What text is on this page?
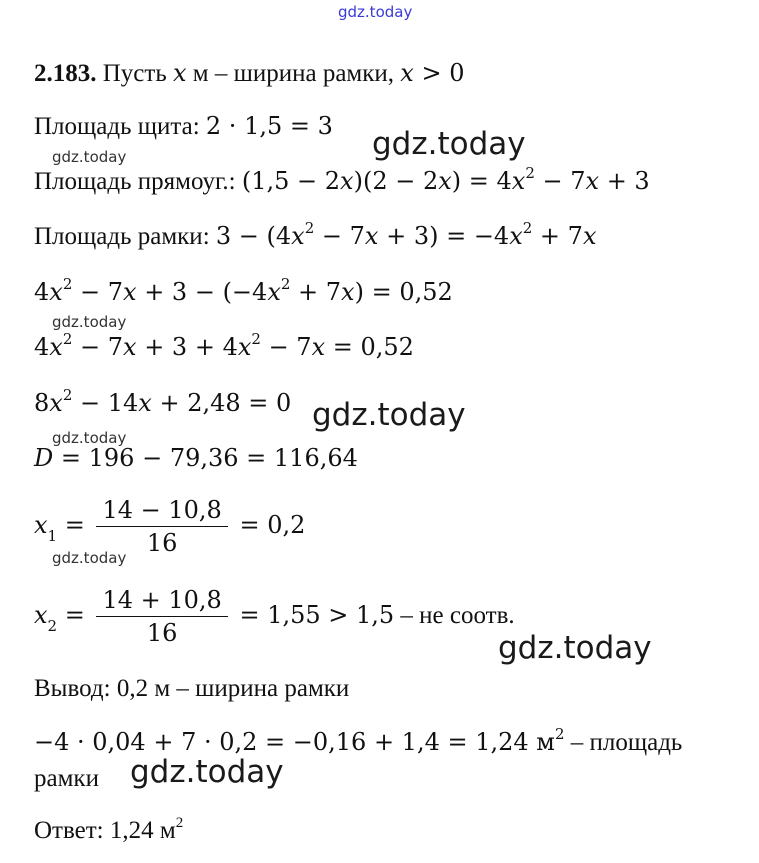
gdz.today
2.183. Пусть x м – ширина рамки, x > 0
Площадь щита: 2 · 1,5 = 3 gdz.today
gdz.today
Площадь прямоуг.: $(1,5 - 2x)(2 - 2x) = 4x^2 - 7x + 3$
Площадь рамки: $3 - (4x^2 - 7x + 3) = -4x^2 + 7x$
$4x^2 - 7x + 3 - (-4x^2 + 7x) = 0,52$
gdz.today
$4x^2 - 7x + 3 + 4x^2 - 7x = 0,52$
$8x^2 - 14x + 2,48 = 0$ gdz.today
gdz.today
D = 196 − 79,36 = 116,64
$x_1 = \frac{14 - 10,8}{16} = 0,2$
gdz.today
$x_2 = \frac{14 + 10,8}{16} = 1,55 > 1,5$ – не соотв.
gdz.today
Вывод: 0,2 м – ширина рамки
−4 · 0,04 + 7 · 0,2 = −0,16 + 1,4 = 1,24 $м^2$ – площадь
рамки gdz.today
Ответ: 1,24 $м^2$
